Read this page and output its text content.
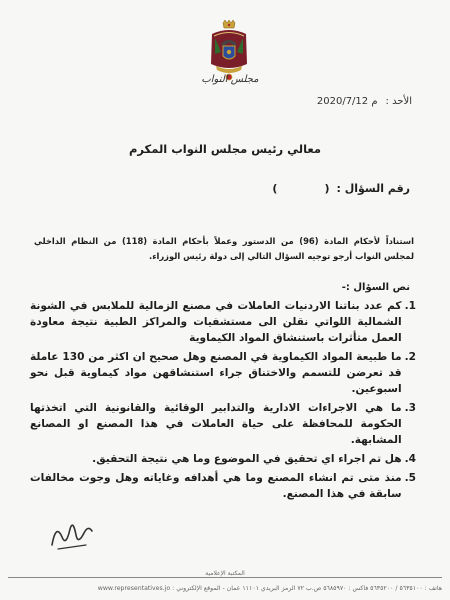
مجلس النواب
الأحد :
2020/7/12 م
معالي رئيس مجلس النواب المكرم
رقم السؤال :
(
)
استناداً لأحكام المادة (96) من الدستور وعملاً بأحكام المادة (118) من النظام الداخلي لمجلس النواب أرجو توجيه السؤال التالي إلى دولة رئيس الوزراء.
نص السؤال :-
1.
كم عدد بناتنا الاردنيات العاملات في مصنع الزمالية للملابس في الشونة الشمالية اللواتي نقلن الى مستشفيات والمراكز الطبية نتيجة معاودة العمل متأثرات باستنشاق المواد الكيماوية
2.
ما طبيعة المواد الكيماوية في المصنع وهل صحيح ان اكثر من 130 عاملة قد تعرضن للتسمم والاختناق جراء استنشاقهن مواد كيماوية قبل نحو اسبوعين.
3.
ما هي الاجراءات الادارية والتدابير الوقائية والقانونية التي اتخذتها الحكومة للمحافظة على حياة العاملات في هذا المصنع او المصانع المشابهة.
4.
هل تم اجراء اي تحقيق في الموضوع وما هي نتيجة التحقيق.
5.
منذ متى تم انشاء المصنع وما هي أهدافه وغاياته وهل وجوت مخالفات سابقة في هذا المصنع.
المكتبة الإعلامية
هاتف : ٥٦٣٥١٠٠ / ٥٦٣٥٢٠٠ فاكس : ٥٦٨٥٩٧٠ ص.ب ٧٢ الرمز البريدي ١١١٠١ عمان - الموقع الإلكتروني : www.representatives.jo
